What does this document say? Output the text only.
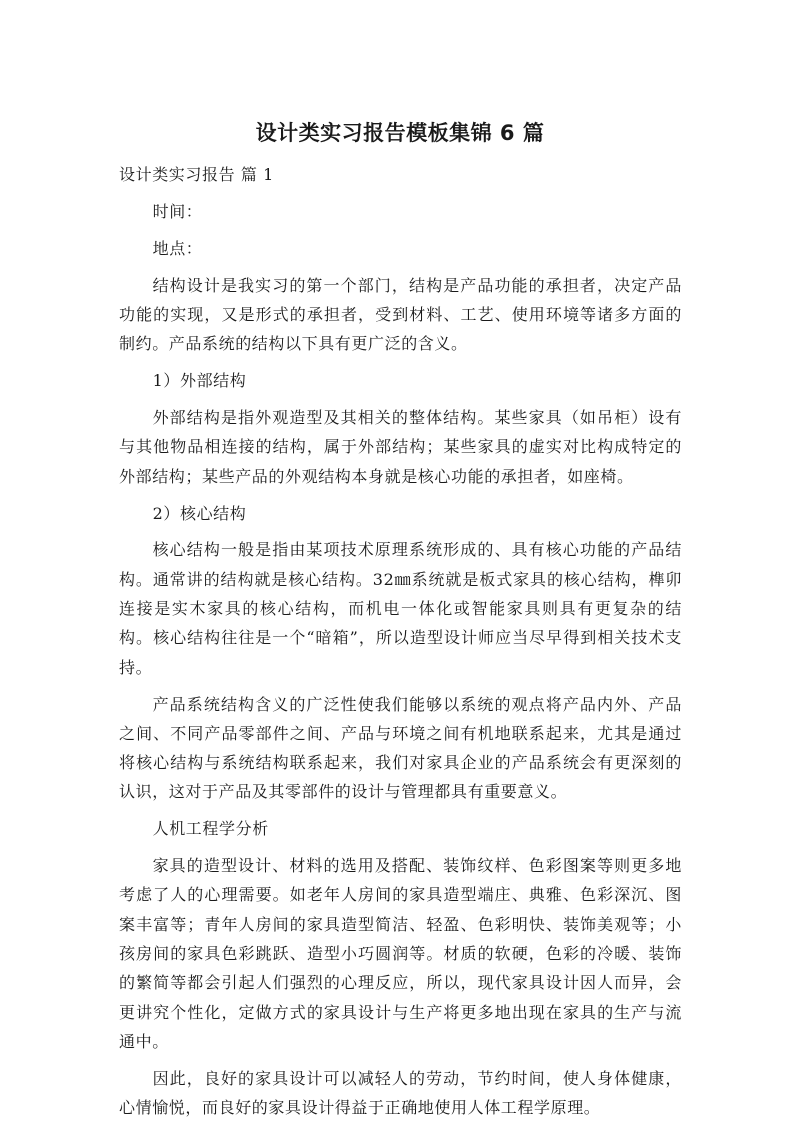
设计类实习报告模板集锦 6 篇

设计类实习报告 篇 1

时间：

地点：

结构设计是我实习的第一个部门，结构是产品功能的承担者，决定产品功能的实现，又是形式的承担者，受到材料、工艺、使用环境等诸多方面的制约。产品系统的结构以下具有更广泛的含义。

1）外部结构

外部结构是指外观造型及其相关的整体结构。某些家具（如吊柜）设有与其他物品相连接的结构，属于外部结构；某些家具的虚实对比构成特定的外部结构；某些产品的外观结构本身就是核心功能的承担者，如座椅。

2）核心结构

核心结构一般是指由某项技术原理系统形成的、具有核心功能的产品结构。通常讲的结构就是核心结构。32㎜系统就是板式家具的核心结构，榫卯连接是实木家具的核心结构，而机电一体化或智能家具则具有更复杂的结构。核心结构往往是一个“暗箱”，所以造型设计师应当尽早得到相关技术支持。

产品系统结构含义的广泛性使我们能够以系统的观点将产品内外、产品之间、不同产品零部件之间、产品与环境之间有机地联系起来，尤其是通过将核心结构与系统结构联系起来，我们对家具企业的产品系统会有更深刻的认识，这对于产品及其零部件的设计与管理都具有重要意义。

人机工程学分析

家具的造型设计、材料的选用及搭配、装饰纹样、色彩图案等则更多地考虑了人的心理需要。如老年人房间的家具造型端庄、典雅、色彩深沉、图案丰富等；青年人房间的家具造型简洁、轻盈、色彩明快、装饰美观等；小孩房间的家具色彩跳跃、造型小巧圆润等。材质的软硬，色彩的冷暖、装饰的繁简等都会引起人们强烈的心理反应，所以，现代家具设计因人而异，会更讲究个性化，定做方式的家具设计与生产将更多地出现在家具的生产与流通中。

因此，良好的家具设计可以减轻人的劳动，节约时间，使人身体健康，心情愉悦，而良好的家具设计得益于正确地使用人体工程学原理。
